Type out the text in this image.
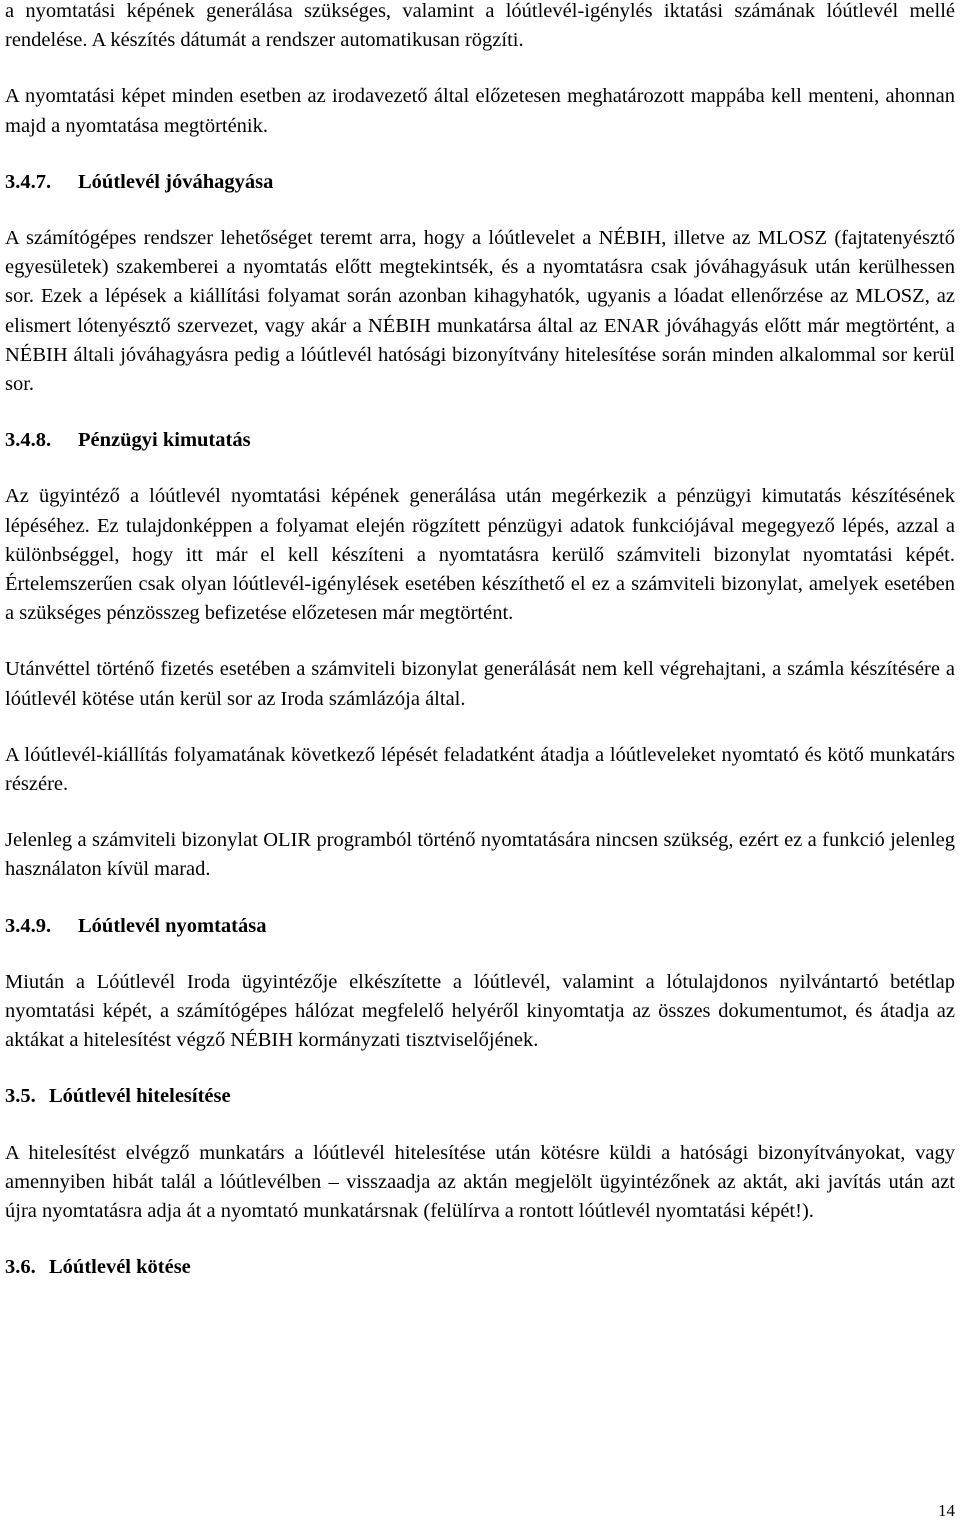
a nyomtatási képének generálása szükséges, valamint a lóútlevél-igénylés iktatási számának lóútlevél mellé rendelése. A készítés dátumát a rendszer automatikusan rögzíti.

A nyomtatási képet minden esetben az irodavezető által előzetesen meghatározott mappába kell menteni, ahonnan majd a nyomtatása megtörténik.

3.4.7. Lóútlevél jóváhagyása

A számítógépes rendszer lehetőséget teremt arra, hogy a lóútlevelet a NÉBIH, illetve az MLOSZ (fajtatenyésztő egyesületek) szakemberei a nyomtatás előtt megtekintsék, és a nyomtatásra csak jóváhagyásuk után kerülhessen sor. Ezek a lépések a kiállítási folyamat során azonban kihagyhatók, ugyanis a lóadat ellenőrzése az MLOSZ, az elismert lótenyésztő szervezet, vagy akár a NÉBIH munkatársa által az ENAR jóváhagyás előtt már megtörtént, a NÉBIH általi jóváhagyásra pedig a lóútlevél hatósági bizonyítvány hitelesítése során minden alkalommal sor kerül sor.

3.4.8. Pénzügyi kimutatás

Az ügyintéző a lóútlevél nyomtatási képének generálása után megérkezik a pénzügyi kimutatás készítésének lépéséhez. Ez tulajdonképpen a folyamat elején rögzített pénzügyi adatok funkciójával megegyező lépés, azzal a különbséggel, hogy itt már el kell készíteni a nyomtatásra kerülő számviteli bizonylat nyomtatási képét. Értelemszerűen csak olyan lóútlevél-igénylések esetében készíthető el ez a számviteli bizonylat, amelyek esetében a szükséges pénzösszeg befizetése előzetesen már megtörtént.

Utánvéttel történő fizetés esetében a számviteli bizonylat generálását nem kell végrehajtani, a számla készítésére a lóútlevél kötése után kerül sor az Iroda számlázója által.

A lóútlevél-kiállítás folyamatának következő lépését feladatként átadja a lóútleveleket nyomtató és kötő munkatárs részére.

Jelenleg a számviteli bizonylat OLIR programból történő nyomtatására nincsen szükség, ezért ez a funkció jelenleg használaton kívül marad.

3.4.9. Lóútlevél nyomtatása

Miután a Lóútlevél Iroda ügyintézője elkészítette a lóútlevél, valamint a lótulajdonos nyilvántartó betétlap nyomtatási képét, a számítógépes hálózat megfelelő helyéről kinyomtatja az összes dokumentumot, és átadja az aktákat a hitelesítést végző NÉBIH kormányzati tisztviselőjének.

3.5. Lóútlevél hitelesítése

A hitelesítést elvégző munkatárs a lóútlevél hitelesítése után kötésre küldi a hatósági bizonyítványokat, vagy amennyiben hibát talál a lóútlevélben – visszaadja az aktán megjelölt ügyintézőnek az aktát, aki javítás után azt újra nyomtatásra adja át a nyomtató munkatársnak (felülírva a rontott lóútlevél nyomtatási képét!).

3.6. Lóútlevél kötése
14
